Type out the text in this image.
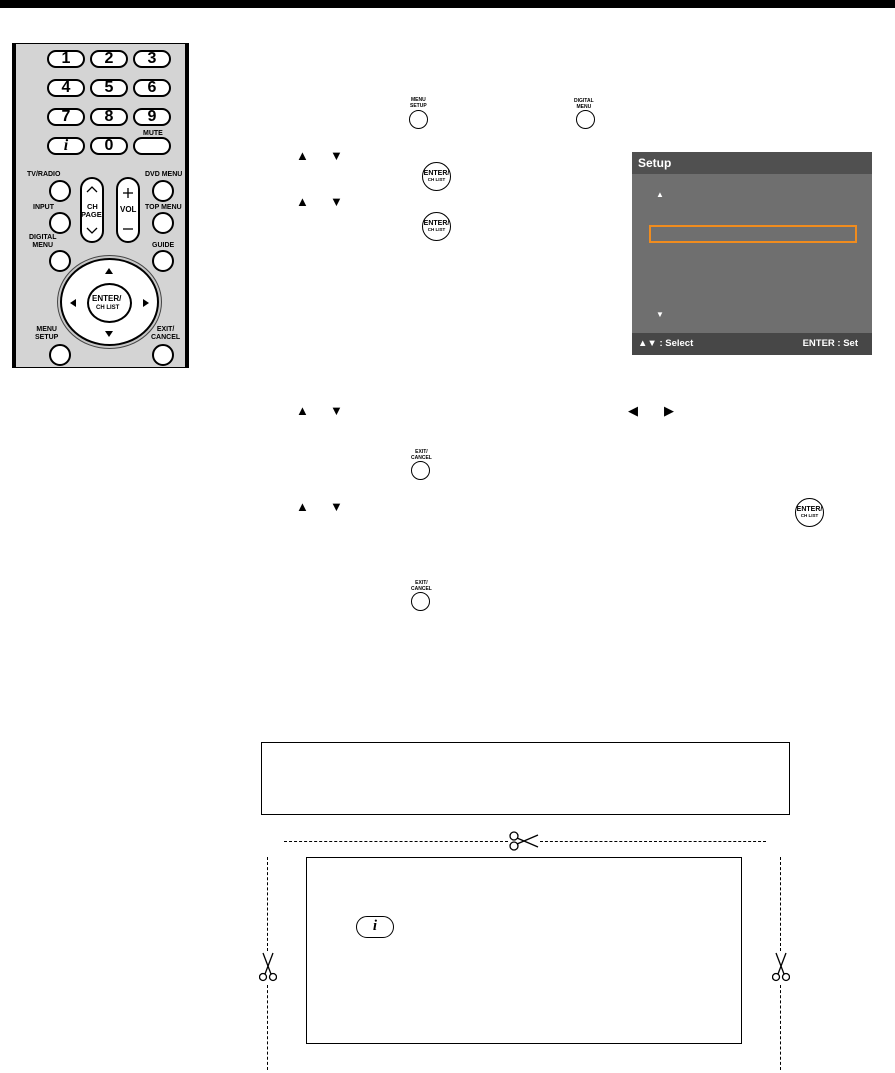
1	2	3
4	5	6
7	8	9
i	0
MUTE
TV/RADIO	DVD MENU
CH
PAGE
VOL
INPUT	TOP MENU
DIGITAL
MENU	GUIDE
ENTER/
CH LIST
MENU
SETUP
EXIT/
CANCEL
MENU
SETUP
DIGITAL
MENU
▲ ▼
ENTER/
CH LIST
▲ ▼
ENTER/
CH LIST
Setup
▲
▼
▲▼ : Select	ENTER : Set
▲ ▼	◀ ▶
EXIT/
CANCEL
▲ ▼	ENTER/
CH LIST
EXIT/
CANCEL
i
